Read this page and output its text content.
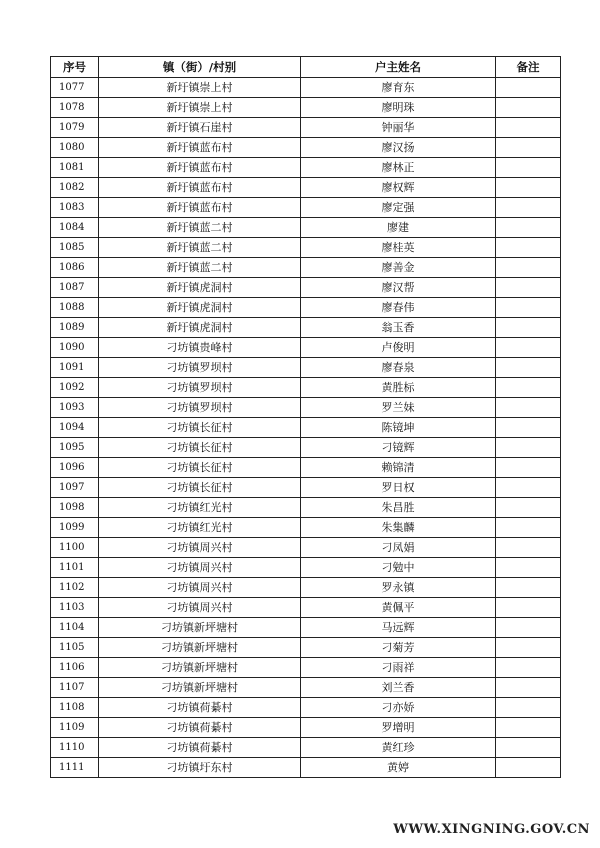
序号	镇（街）/村别	户主姓名	备注
1077	新圩镇崇上村	廖育东	
1078	新圩镇崇上村	廖明珠	
1079	新圩镇石崖村	钟丽华	
1080	新圩镇蓝布村	廖汉扬	
1081	新圩镇蓝布村	廖林正	
1082	新圩镇蓝布村	廖权辉	
1083	新圩镇蓝布村	廖定强	
1084	新圩镇蓝二村	廖建	
1085	新圩镇蓝二村	廖桂英	
1086	新圩镇蓝二村	廖善金	
1087	新圩镇虎洞村	廖汉帮	
1088	新圩镇虎洞村	廖春伟	
1089	新圩镇虎洞村	翁玉香	
1090	刁坊镇贵峰村	卢俊明	
1091	刁坊镇罗坝村	廖春泉	
1092	刁坊镇罗坝村	黄胜标	
1093	刁坊镇罗坝村	罗兰妹	
1094	刁坊镇长征村	陈镜坤	
1095	刁坊镇长征村	刁镜辉	
1096	刁坊镇长征村	赖锦清	
1097	刁坊镇长征村	罗日权	
1098	刁坊镇红光村	朱昌胜	
1099	刁坊镇红光村	朱集麟	
1100	刁坊镇周兴村	刁凤娟	
1101	刁坊镇周兴村	刁勉中	
1102	刁坊镇周兴村	罗永镇	
1103	刁坊镇周兴村	黄佩平	
1104	刁坊镇新坪塘村	马远辉	
1105	刁坊镇新坪塘村	刁菊芳	
1106	刁坊镇新坪塘村	刁雨祥	
1107	刁坊镇新坪塘村	刘兰香	
1108	刁坊镇荷綦村	刁亦娇	
1109	刁坊镇荷綦村	罗增明	
1110	刁坊镇荷綦村	黄红珍	
1111	刁坊镇圩东村	黄婷	
WWW.XINGNING.GOV.CN
